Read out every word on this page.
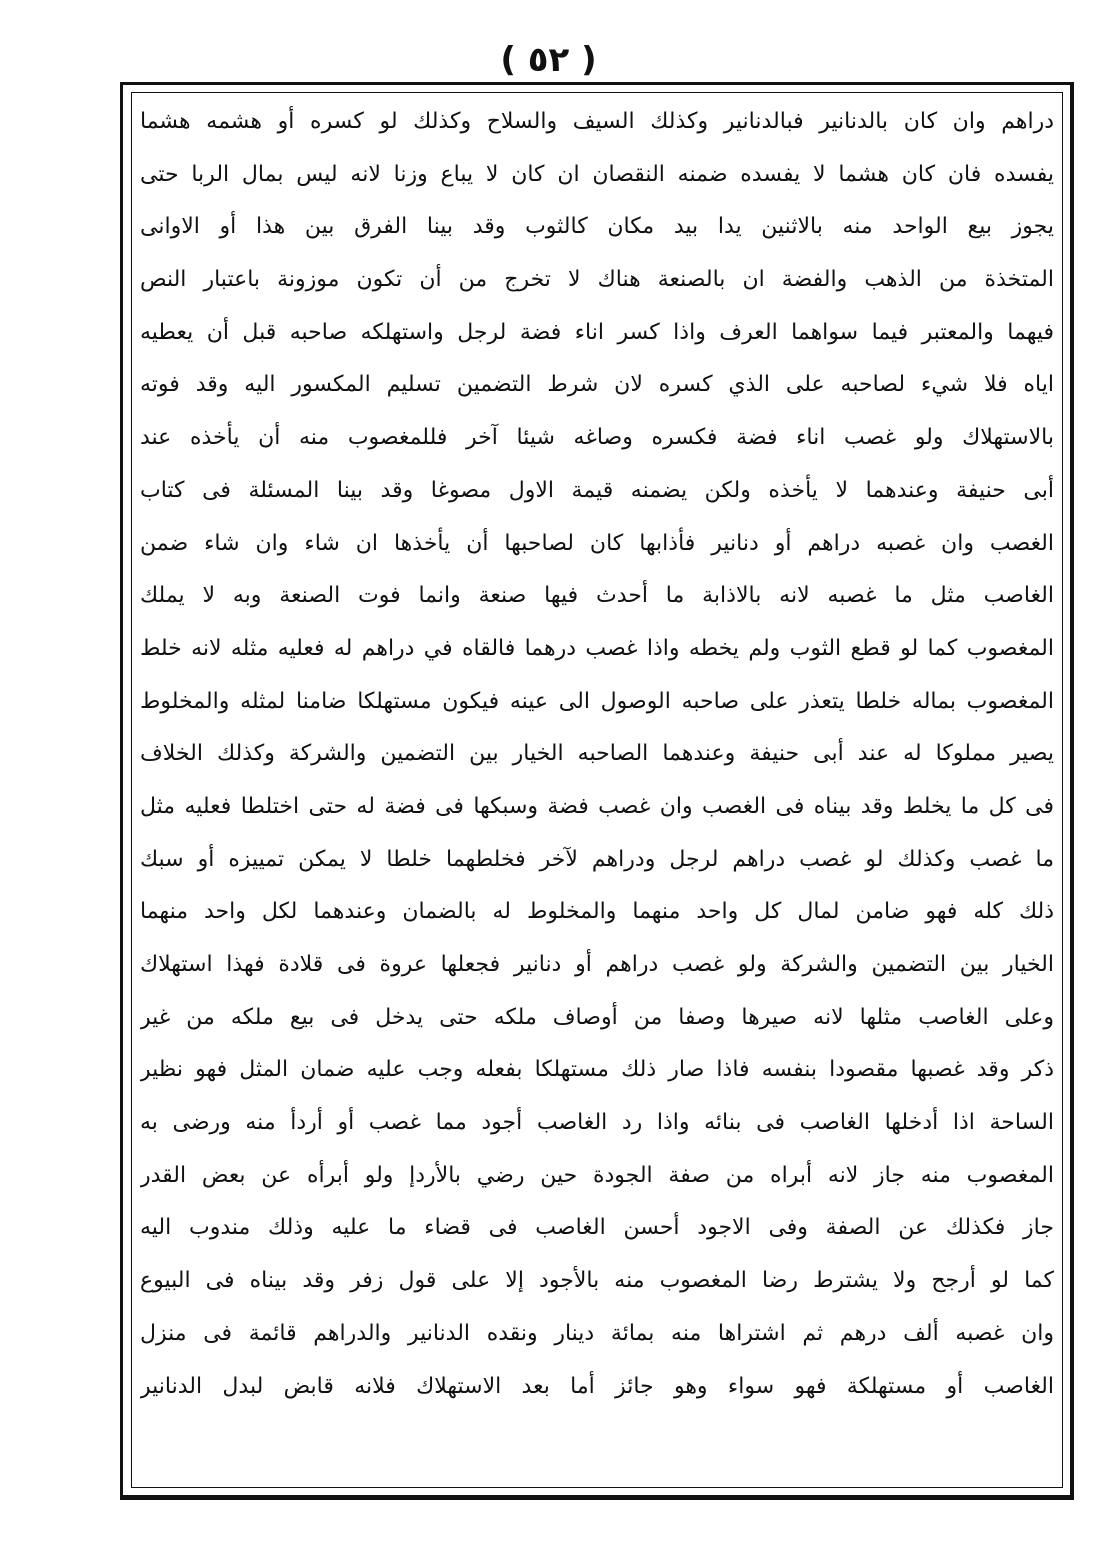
( ٥٢ )
دراهم وان كان بالدنانير فبالدنانير وكذلك السيف والسلاح وكذلك لو كسره أو هشمه هشما
يفسده فان كان هشما لا يفسده ضمنه النقصان ان كان لا يباع وزنا لانه ليس بمال الربا حتى
يجوز بيع الواحد منه بالاثنين يدا بيد مكان كالثوب وقد بينا الفرق بين هذا أو الاوانى
المتخذة من الذهب والفضة ان بالصنعة هناك لا تخرج من أن تكون موزونة باعتبار النص
فيهما والمعتبر فيما سواهما العرف واذا كسر اناء فضة لرجل واستهلكه صاحبه قبل أن يعطيه
اياه فلا شيء لصاحبه على الذي كسره لان شرط التضمين تسليم المكسور اليه وقد فوته
بالاستهلاك ولو غصب اناء فضة فكسره وصاغه شيئا آخر فللمغصوب منه أن يأخذه عند
أبى حنيفة وعندهما لا يأخذه ولكن يضمنه قيمة الاول مصوغا وقد بينا المسئلة فى كتاب
الغصب وان غصبه دراهم أو دنانير فأذابها كان لصاحبها أن يأخذها ان شاء وان شاء ضمن
الغاصب مثل ما غصبه لانه بالاذابة ما أحدث فيها صنعة وانما فوت الصنعة وبه لا يملك
المغصوب كما لو قطع الثوب ولم يخطه واذا غصب درهما فالقاه في دراهم له فعليه مثله لانه خلط
المغصوب بماله خلطا يتعذر على صاحبه الوصول الى عينه فيكون مستهلكا ضامنا لمثله والمخلوط
يصير مملوكا له عند أبى حنيفة وعندهما الصاحبه الخيار بين التضمين والشركة وكذلك الخلاف
فى كل ما يخلط وقد بيناه فى الغصب وان غصب فضة وسبكها فى فضة له حتى اختلطا فعليه مثل
ما غصب وكذلك لو غصب دراهم لرجل ودراهم لآخر فخلطهما خلطا لا يمكن تمييزه أو سبك
ذلك كله فهو ضامن لمال كل واحد منهما والمخلوط له بالضمان وعندهما لكل واحد منهما
الخيار بين التضمين والشركة ولو غصب دراهم أو دنانير فجعلها عروة فى قلادة فهذا استهلاك
وعلى الغاصب مثلها لانه صيرها وصفا من أوصاف ملكه حتى يدخل فى بيع ملكه من غير
ذكر وقد غصبها مقصودا بنفسه فاذا صار ذلك مستهلكا بفعله وجب عليه ضمان المثل فهو نظير
الساحة اذا أدخلها الغاصب فى بنائه واذا رد الغاصب أجود مما غصب أو أردأ منه ورضى به
المغصوب منه جاز لانه أبراه من صفة الجودة حين رضي بالأردإ ولو أبرأه عن بعض القدر
جاز فكذلك عن الصفة وفى الاجود أحسن الغاصب فى قضاء ما عليه وذلك مندوب اليه
كما لو أرجح ولا يشترط رضا المغصوب منه بالأجود إلا على قول زفر وقد بيناه فى البيوع
وان غصبه ألف درهم ثم اشتراها منه بمائة دينار ونقده الدنانير والدراهم قائمة فى منزل
الغاصب أو مستهلكة فهو سواء وهو جائز أما بعد الاستهلاك فلانه قابض لبدل الدنانير
